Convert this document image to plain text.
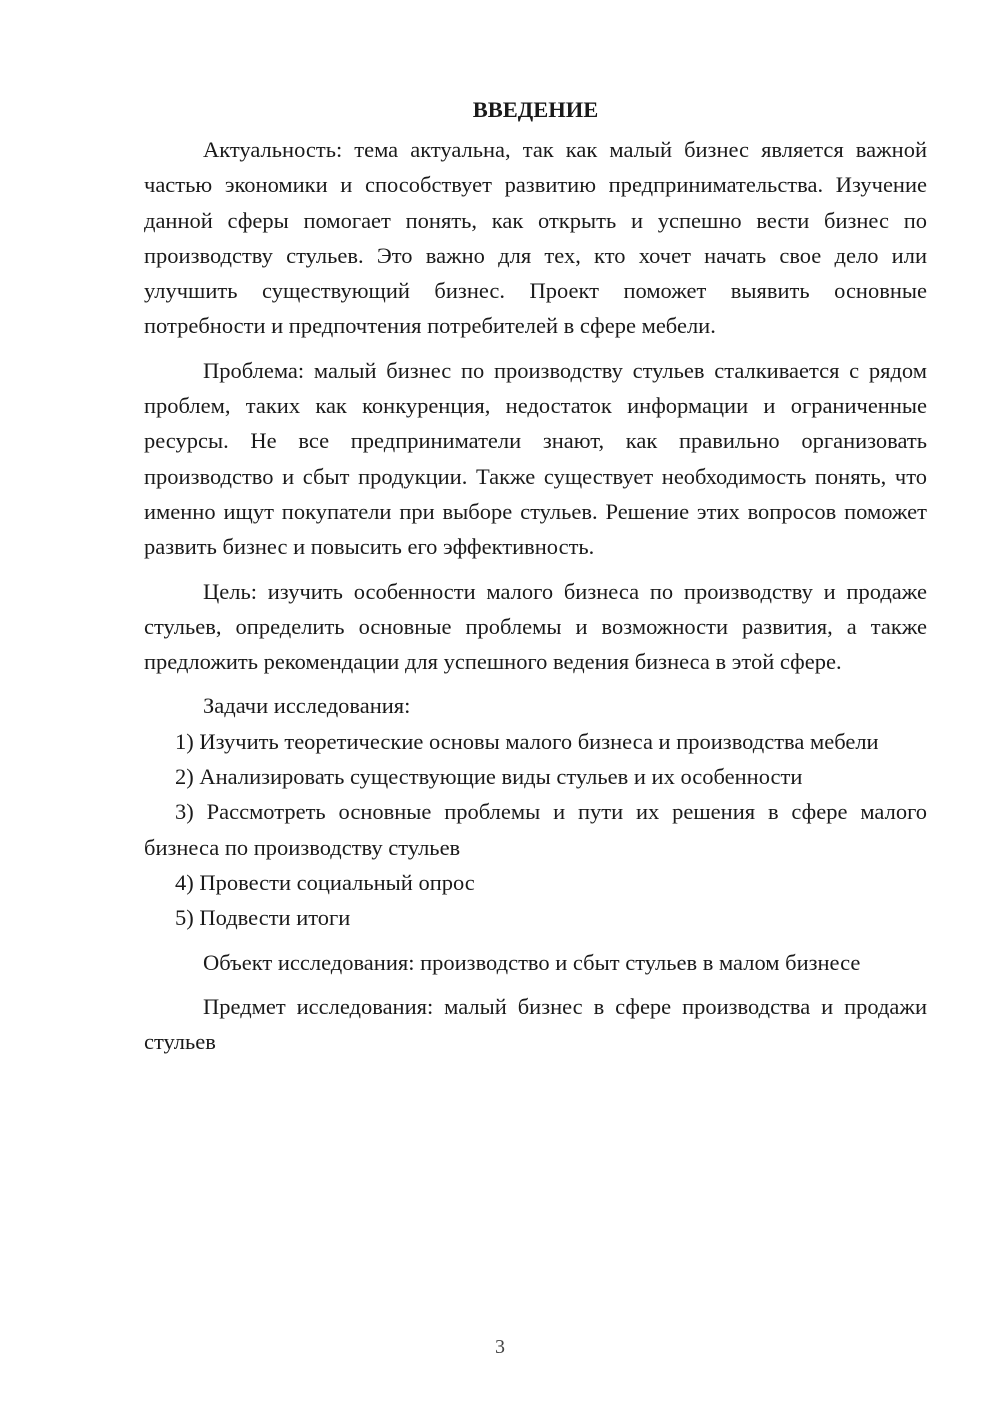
ВВЕДЕНИЕ

Актуальность: тема актуальна, так как малый бизнес является важной частью экономики и способствует развитию предпринимательства. Изучение данной сферы помогает понять, как открыть и успешно вести бизнес по производству стульев. Это важно для тех, кто хочет начать свое дело или улучшить существующий бизнес. Проект поможет выявить основные потребности и предпочтения потребителей в сфере мебели.

Проблема: малый бизнес по производству стульев сталкивается с рядом проблем, таких как конкуренция, недостаток информации и ограниченные ресурсы. Не все предприниматели знают, как правильно организовать производство и сбыт продукции. Также существует необходимость понять, что именно ищут покупатели при выборе стульев. Решение этих вопросов поможет развить бизнес и повысить его эффективность.

Цель: изучить особенности малого бизнеса по производству и продаже стульев, определить основные проблемы и возможности развития, а также предложить рекомендации для успешного ведения бизнеса в этой сфере.

Задачи исследования:

1) Изучить теоретические основы малого бизнеса и производства мебели

2) Анализировать существующие виды стульев и их особенности

3) Рассмотреть основные проблемы и пути их решения в сфере малого бизнеса по производству стульев

4) Провести социальный опрос

5) Подвести итоги

Объект исследования: производство и сбыт стульев в малом бизнесе

Предмет исследования: малый бизнес в сфере производства и продажи стульев

3
